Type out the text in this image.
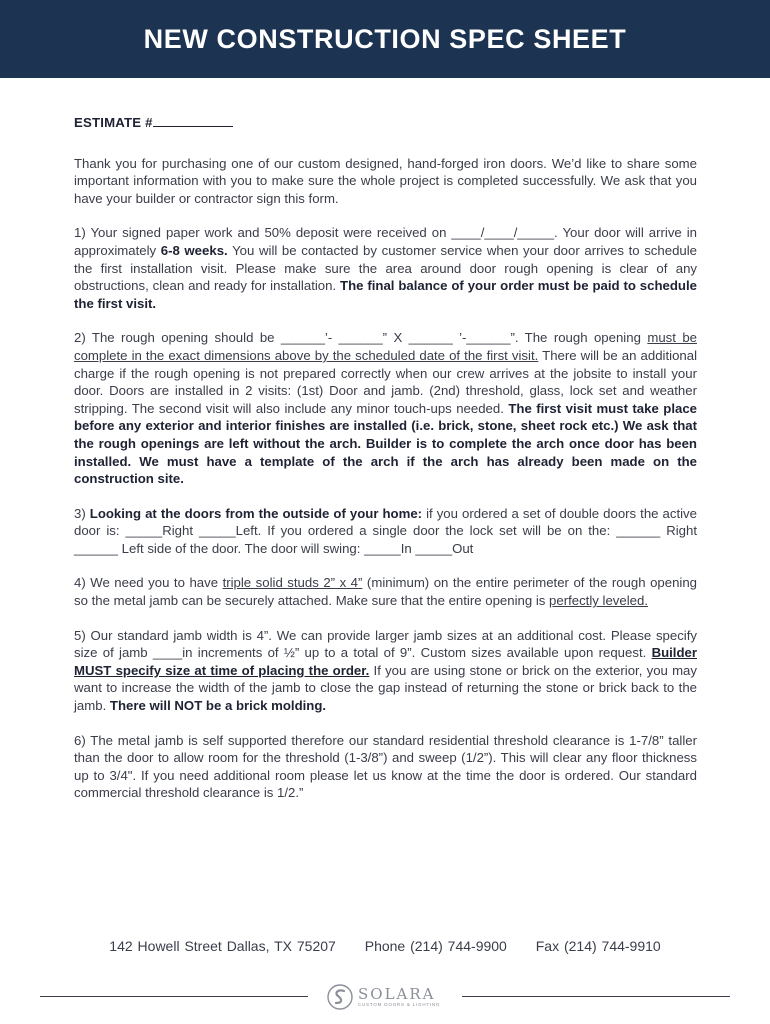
NEW CONSTRUCTION SPEC SHEET
ESTIMATE #

Thank you for purchasing one of our custom designed, hand-forged iron doors. We’d like to share some important information with you to make sure the whole project is completed successfully. We ask that you have your builder or contractor sign this form.

1) Your signed paper work and 50% deposit were received on ____/____/_____. Your door will arrive in approximately 6-8 weeks. You will be contacted by customer service when your door arrives to schedule the first installation visit. Please make sure the area around door rough opening is clear of any obstructions, clean and ready for installation. The final balance of your order must be paid to schedule the first visit.

2) The rough opening should be ______’- ______” X ______ ’-______”. The rough opening must be complete in the exact dimensions above by the scheduled date of the first visit. There will be an additional charge if the rough opening is not prepared correctly when our crew arrives at the jobsite to install your door. Doors are installed in 2 visits: (1st) Door and jamb. (2nd) threshold, glass, lock set and weather stripping. The second visit will also include any minor touch-ups needed. The first visit must take place before any exterior and interior finishes are installed (i.e. brick, stone, sheet rock etc.) We ask that the rough openings are left without the arch. Builder is to complete the arch once door has been installed. We must have a template of the arch if the arch has already been made on the construction site.

3) Looking at the doors from the outside of your home: if you ordered a set of double doors the active door is: _____Right _____Left. If you ordered a single door the lock set will be on the: ______ Right ______ Left side of the door. The door will swing: _____In _____Out

4) We need you to have triple solid studs 2” x 4” (minimum) on the entire perimeter of the rough opening so the metal jamb can be securely attached. Make sure that the entire opening is perfectly leveled.

5) Our standard jamb width is 4”. We can provide larger jamb sizes at an additional cost. Please specify size of jamb ____in increments of ½” up to a total of 9”. Custom sizes available upon request. Builder MUST specify size at time of placing the order. If you are using stone or brick on the exterior, you may want to increase the width of the jamb to close the gap instead of returning the stone or brick back to the jamb. There will NOT be a brick molding.

6) The metal jamb is self supported therefore our standard residential threshold clearance is 1-7/8” taller than the door to allow room for the threshold (1-3/8”) and sweep (1/2”). This will clear any floor thickness up to 3/4". If you need additional room please let us know at the time the door is ordered. Our standard commercial threshold clearance is 1/2.”

142 Howell Street Dallas, TX 75207 Phone (214) 744-9900 Fax (214) 744-9910
SOLARA
CUSTOM DOORS & LIGHTING
